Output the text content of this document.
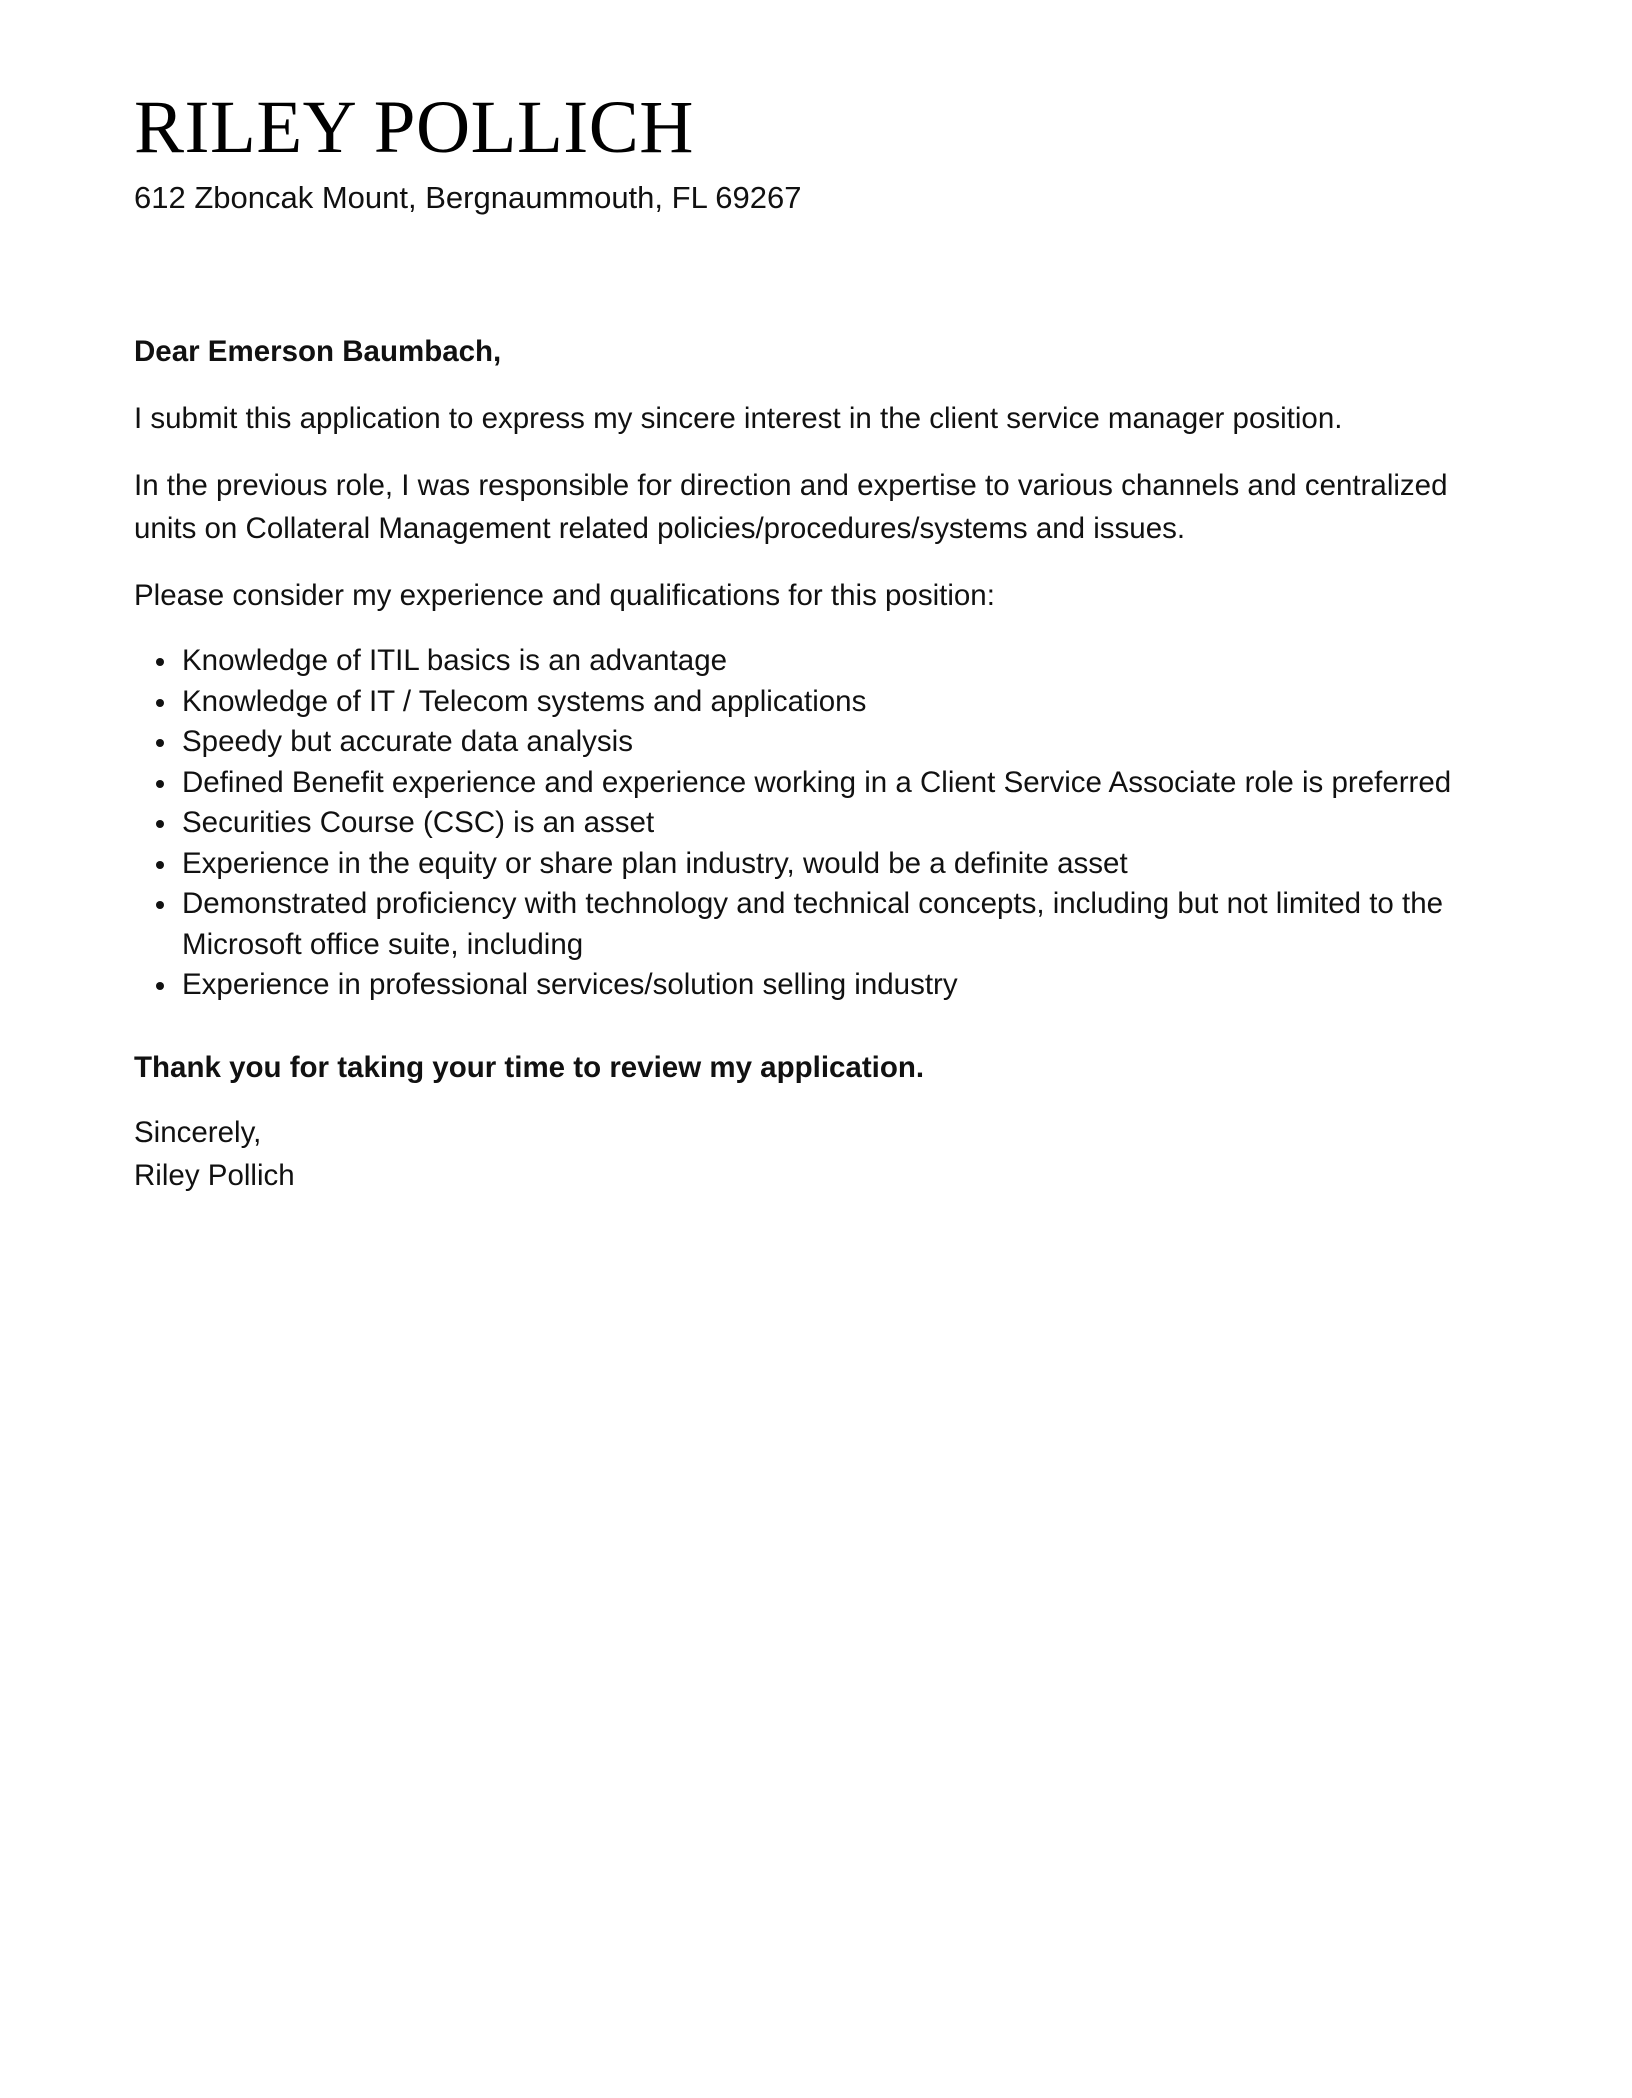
RILEY POLLICH
612 Zboncak Mount, Bergnaummouth, FL 69267

Dear Emerson Baumbach,

I submit this application to express my sincere interest in the client service manager position.

In the previous role, I was responsible for direction and expertise to various channels and centralized units on Collateral Management related policies/procedures/systems and issues.

Please consider my experience and qualifications for this position:

Knowledge of ITIL basics is an advantage
Knowledge of IT / Telecom systems and applications
Speedy but accurate data analysis
Defined Benefit experience and experience working in a Client Service Associate role is preferred
Securities Course (CSC) is an asset
Experience in the equity or share plan industry, would be a definite asset
Demonstrated proficiency with technology and technical concepts, including but not limited to the Microsoft office suite, including
Experience in professional services/solution selling industry

Thank you for taking your time to review my application.

Sincerely,

Riley Pollich
